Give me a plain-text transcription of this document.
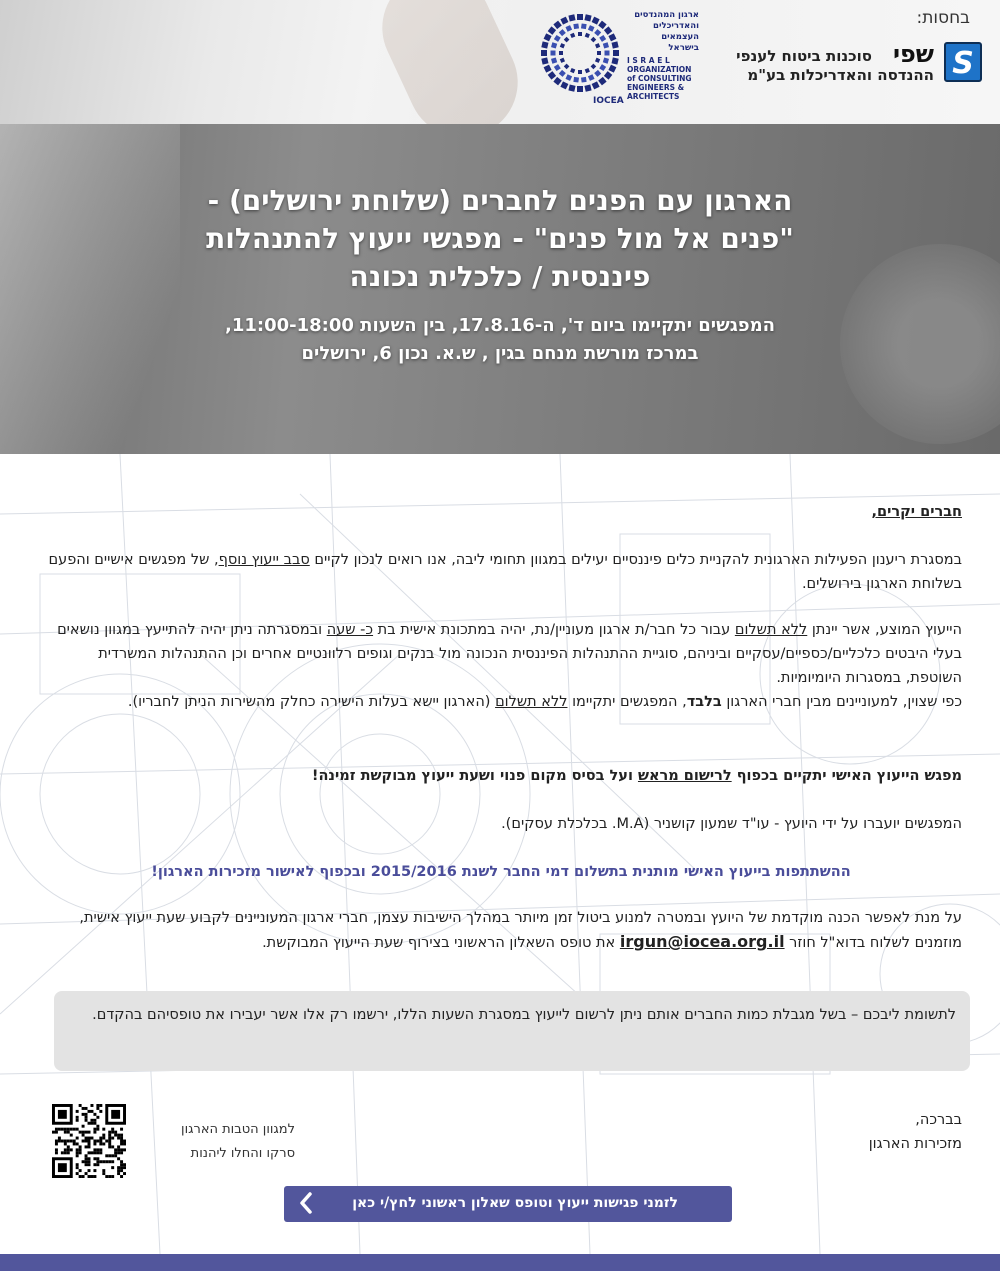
בחסות:
S
שפי
סוכנות ביטוח לענפי
ההנדסה והאדריכלות בע"מ
ארגון המהנדסים
והאדריכלים
העצמאים
בישראל
I S R A E L
ORGANIZATION
of CONSULTING
ENGINEERS & ARCHITECTS
IOCEA
הארגון עם הפנים לחברים (שלוחת ירושלים) -
"פנים אל מול פנים" - מפגשי ייעוץ להתנהלות
פיננסית / כלכלית נכונה
המפגשים יתקיימו ביום ד', ה-17.8.16, בין השעות 11:00-18:00,
במרכז מורשת מנחם בגין , ש.א. נכון 6, ירושלים

חברים יקרים,

במסגרת ריענון הפעילות הארגונית להקניית כלים פיננסיים יעילים במגוון תחומי ליבה, אנו רואים לנכון לקיים סבב ייעוץ נוסף, של מפגשים אישיים והפעם בשלוחת הארגון בירושלים.

הייעוץ המוצע, אשר יינתן ללא תשלום עבור כל חבר/ת ארגון מעוניין/נת, יהיה במתכונת אישית בת כ- שעה ובמסגרתה ניתן יהיה להתייעץ במגוון נושאים בעלי היבטים כלכליים/כספיים/עסקיים וביניהם, סוגיית ההתנהלות הפיננסית הנכונה מול בנקים וגופים רלוונטיים אחרים וכן ההתנהלות המשרדית השוטפת, במסגרות היומיומיות.
כפי שצוין, למעוניינים מבין חברי הארגון בלבד, המפגשים יתקיימו ללא תשלום (הארגון יישא בעלות הישירה כחלק מהשירות הניתן לחבריו).

מפגש הייעוץ האישי יתקיים בכפוף לרישום מראש ועל בסיס מקום פנוי ושעת ייעוץ מבוקשת זמינה!

המפגשים יועברו על ידי היועץ - עו"ד שמעון קושניר (M.A. בכלכלת עסקים).

ההשתתפות בייעוץ האישי מותנית בתשלום דמי החבר לשנת 2015/2016 ובכפוף לאישור מזכירות הארגון!

על מנת לאפשר הכנה מוקדמת של היועץ ובמטרה למנוע ביטול זמן מיותר במהלך הישיבות עצמן, חברי ארגון המעוניינים לקבוע שעת ייעוץ אישית, מוזמנים לשלוח בדוא"ל חוזר irgun@iocea.org.il את טופס השאלון הראשוני בצירוף שעת הייעוץ המבוקשת.

לתשומת ליבכם – בשל מגבלת כמות החברים אותם ניתן לרשום לייעוץ במסגרת השעות הללו, ירשמו רק אלו אשר יעבירו את טופסיהם בהקדם.
בברכה,
מזכירות הארגון
למגוון הטבות הארגון
סרקו והחלו ליהנות
לזמני פגישות ייעוץ וטופס שאלון ראשוני לחץ/י כאן
